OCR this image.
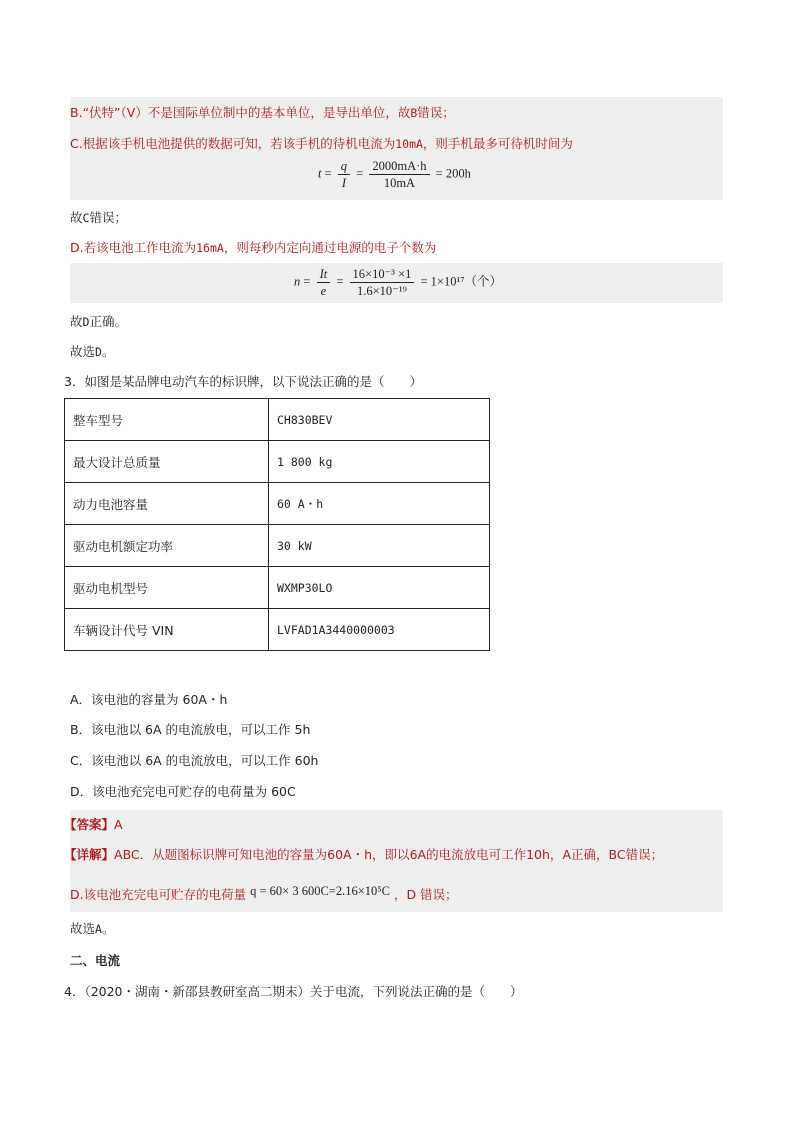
B.“伏特”（V）不是国际单位制中的基本单位，是导出单位，故B错误；
C.根据该手机电池提供的数据可知，若该手机的待机电流为10mA，则手机最多可待机时间为
$t = \frac{q}{I} = \frac{2000mA\cdot h}{10mA} = 200h$
故C错误；
D.若该电池工作电流为16mA，则每秒内定向通过电源的电子个数为
$n = \frac{It}{e} = \frac{\text{16×10⁻³ ×1}}{\text{1.6×10⁻¹⁹}} = 1\times 10^{17}$（个）
故D正确。
故选D。
3．如图是某品牌电动汽车的标识牌，以下说法正确的是（　　）
整车型号	CH830BEV
最大设计总质量	1 800 kg
动力电池容量	60 A・h
驱动电机额定功率	30 kW
驱动电机型号	WXMP30LO
车辆设计代号 VIN	LVFAD1A3440000003
A．该电池的容量为 60A・h
B．该电池以 6A 的电流放电，可以工作 5h
C．该电池以 6A 的电流放电，可以工作 60h
D．该电池充完电可贮存的电荷量为 60C
【答案】A
【详解】ABC．从题图标识牌可知电池的容量为60A・h，即以6A的电流放电可工作10h，A正确，BC错误；
D.该电池充完电可贮存的电荷量 q = 60× 3 600C=2.16×10⁵C ，D 错误；
故选A。
二、电流
4．（2020・湖南・新邵县教研室高二期末）关于电流，下列说法正确的是（　　）
